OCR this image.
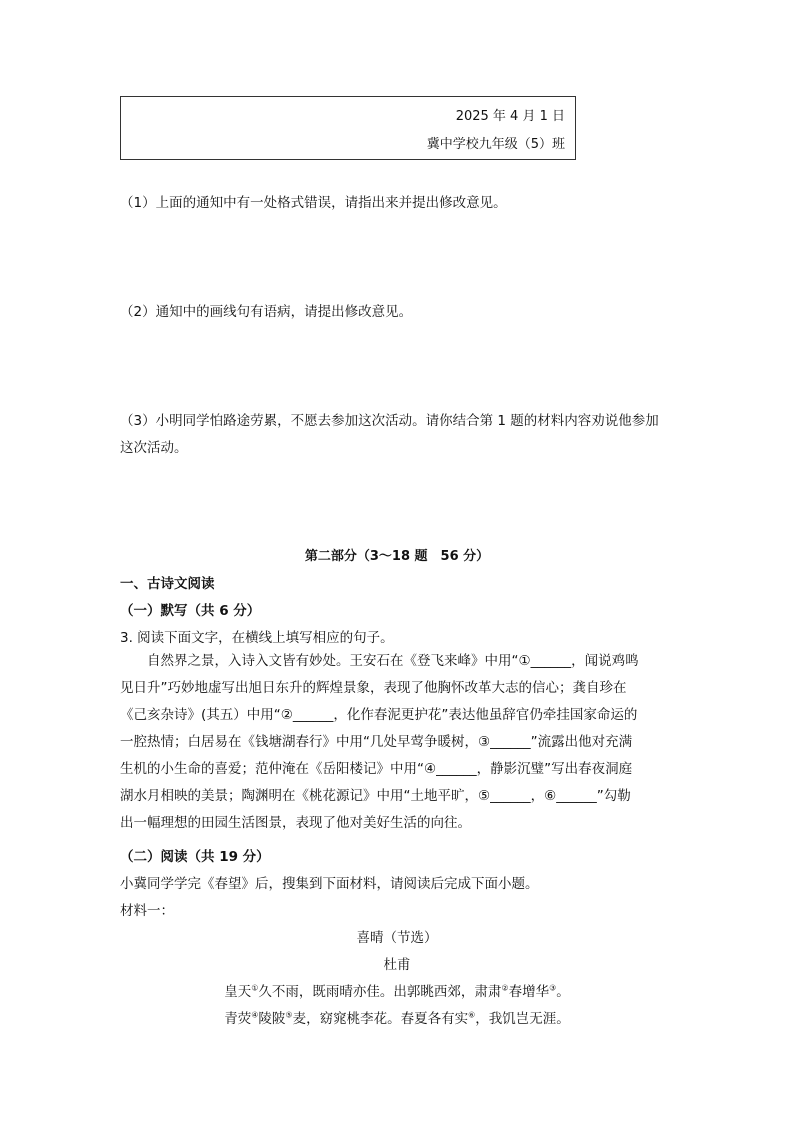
2025 年 4 月 1 日
冀中学校九年级（5）班
（1）上面的通知中有一处格式错误，请指出来并提出修改意见。
（2）通知中的画线句有语病，请提出修改意见。
（3）小明同学怕路途劳累，不愿去参加这次活动。请你结合第 1 题的材料内容劝说他参加
这次活动。
第二部分（3～18 题　56 分）
一、古诗文阅读
（一）默写（共 6 分）
3. 阅读下面文字，在横线上填写相应的句子。
自然界之景，入诗入文皆有妙处。王安石在《登飞来峰》中用“①______，闻说鸡鸣
见日升”巧妙地虚写出旭日东升的辉煌景象，表现了他胸怀改革大志的信心；龚自珍在
《己亥杂诗》(其五）中用“②______，化作春泥更护花”表达他虽辞官仍牵挂国家命运的
一腔热情；白居易在《钱塘湖春行》中用“几处早莺争暖树，③______”流露出他对充满
生机的小生命的喜爱；范仲淹在《岳阳楼记》中用“④______，静影沉璧”写出春夜洞庭
湖水月相映的美景；陶渊明在《桃花源记》中用“土地平旷，⑤______，⑥______”勾勒
出一幅理想的田园生活图景，表现了他对美好生活的向往。
（二）阅读（共 19 分）
小冀同学学完《春望》后，搜集到下面材料，请阅读后完成下面小题。
材料一：
喜晴（节选）
杜甫
皇天①久不雨，既雨晴亦佳。出郭眺西郊，肃肃②春增华③。
青荧④陵陂⑤麦，窈窕桃李花。春夏各有实⑥，我饥岂无涯。
